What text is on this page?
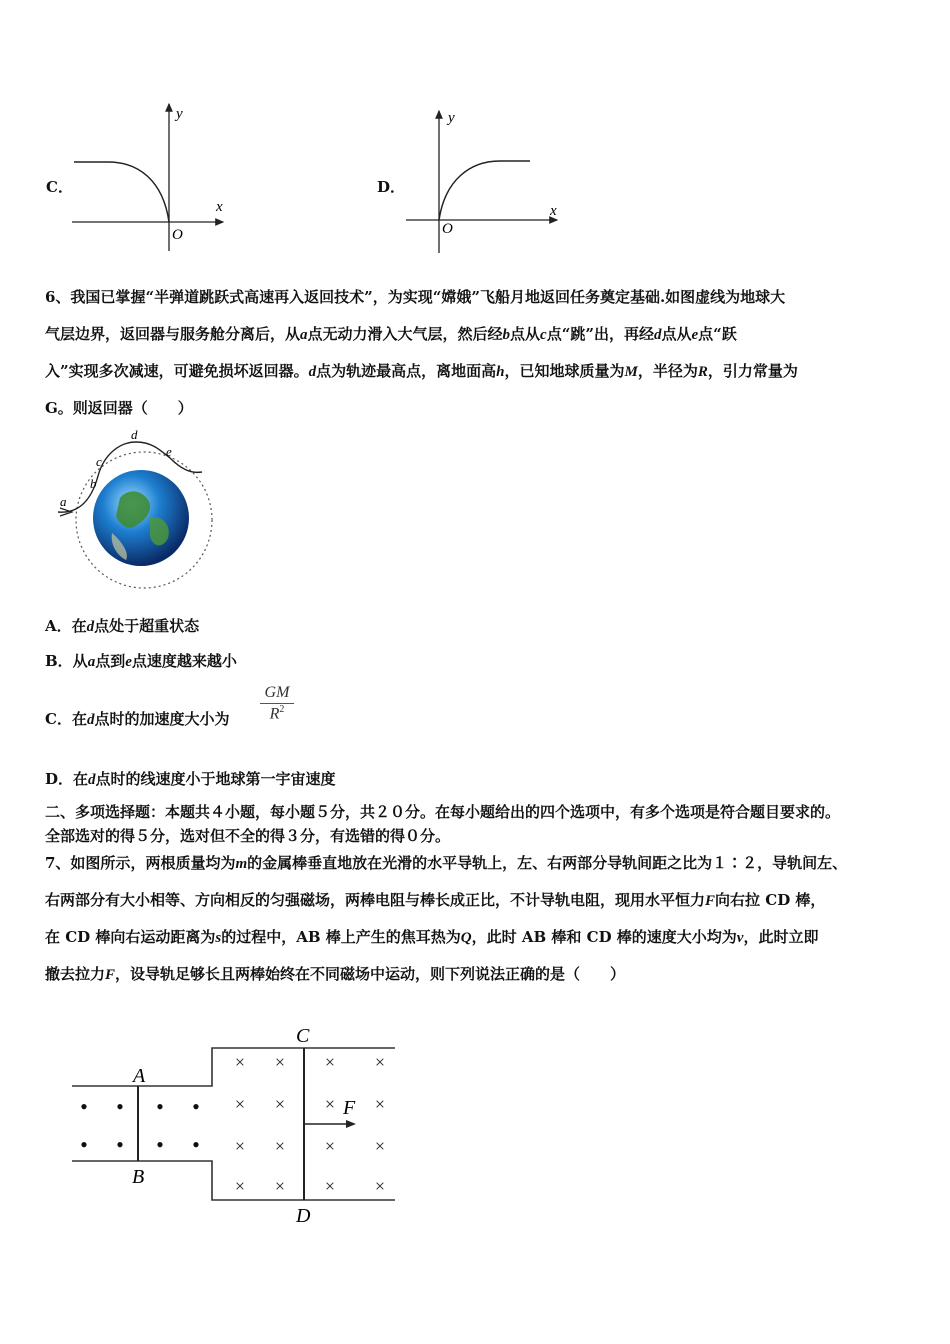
C．
y
x
O
D．
y
x
O
6、我国已掌握“半弹道跳跃式高速再入返回技术”，为实现“嫦娥”飞船月地返回任务奠定基础.如图虚线为地球大
气层边界，返回器与服务舱分离后，从a点无动力滑入大气层，然后经b点从c点“跳”出，再经d点从e点“跃
入”实现多次减速，可避免损坏返回器。d点为轨迹最高点，离地面高h，已知地球质量为M，半径为R，引力常量为
G。则返回器（　　）
a
b
c
d
e
A．在d点处于超重状态
B．从a点到e点速度越来越小
C．在d点时的加速度大小为
GM
$R^2$
D．在d点时的线速度小于地球第一宇宙速度
二、多项选择题：本题共４小题，每小题５分，共２０分。在每小题给出的四个选项中，有多个选项是符合题目要求的。
全部选对的得５分，选对但不全的得３分，有选错的得０分。
7、如图所示，两根质量均为m的金属棒垂直地放在光滑的水平导轨上，左、右两部分导轨间距之比为１∶２，导轨间左、
右两部分有大小相等、方向相反的匀强磁场，两棒电阻与棒长成正比，不计导轨电阻，现用水平恒力F向右拉 CD 棒，
在 CD 棒向右运动距离为s的过程中，AB 棒上产生的焦耳热为Q，此时 AB 棒和 CD 棒的速度大小均为v，此时立即
撤去拉力F，设导轨足够长且两棒始终在不同磁场中运动，则下列说法正确的是（　　）
A
B
C
D
F
• • • •
• • • •
× × × ×
× × × ×
× × × ×
× × × ×
